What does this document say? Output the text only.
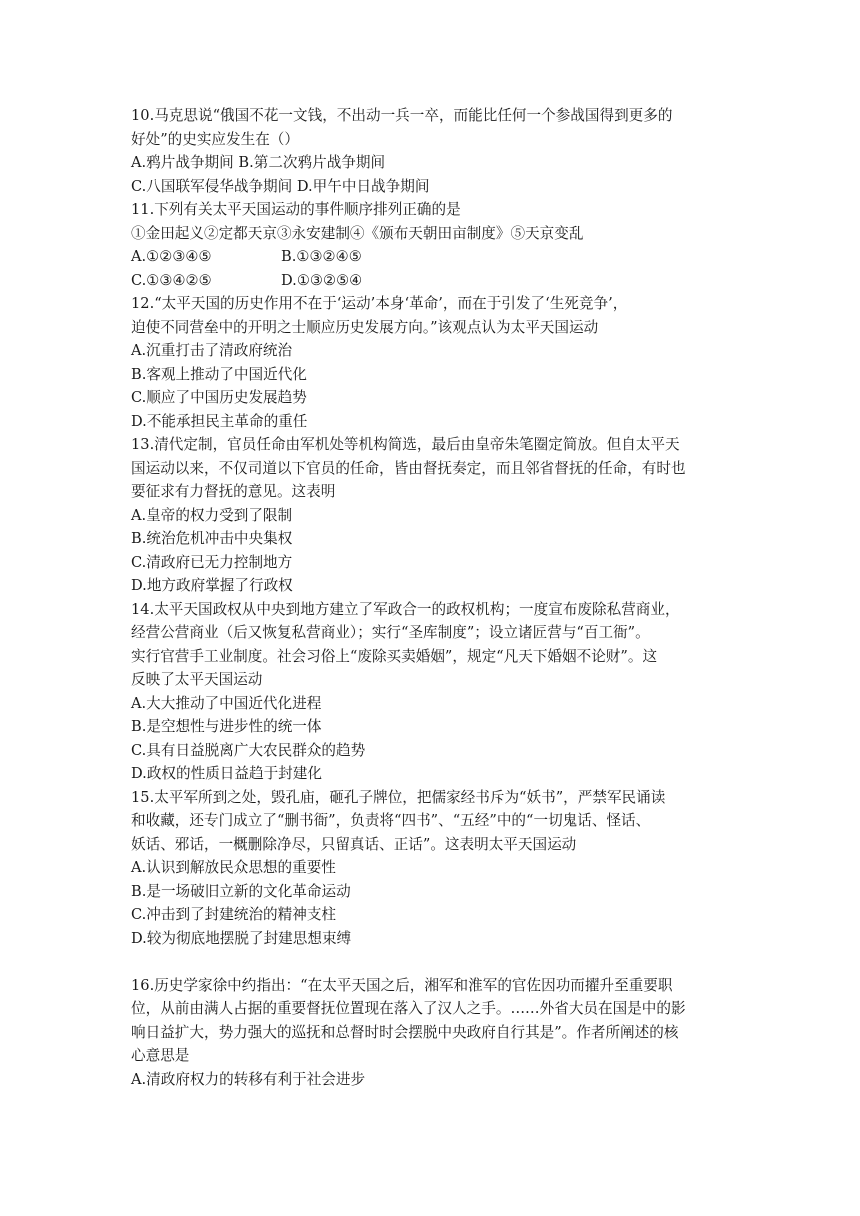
10.马克思说“俄国不花一文钱，不出动一兵一卒，而能比任何一个参战国得到更多的
好处”的史实应发生在（）
A.鸦片战争期间 B.第二次鸦片战争期间
C.八国联军侵华战争期间 D.甲午中日战争期间
11.下列有关太平天国运动的事件顺序排列正确的是
①金田起义②定都天京③永安建制④《颁布天朝田亩制度》⑤天京变乱
A.①②③④⑤	B.①③②④⑤
C.①③④②⑤	D.①③②⑤④
12.“太平天国的历史作用不在于‘运动’本身‘革命’，而在于引发了‘生死竞争’，
迫使不同营垒中的开明之士顺应历史发展方向。”该观点认为太平天国运动
A.沉重打击了清政府统治
B.客观上推动了中国近代化
C.顺应了中国历史发展趋势
D.不能承担民主革命的重任
13.清代定制，官员任命由军机处等机构简选，最后由皇帝朱笔圈定简放。但自太平天
国运动以来，不仅司道以下官员的任命，皆由督抚奏定，而且邻省督抚的任命，有时也
要征求有力督抚的意见。这表明
A.皇帝的权力受到了限制
B.统治危机冲击中央集权
C.清政府已无力控制地方
D.地方政府掌握了行政权
14.太平天国政权从中央到地方建立了军政合一的政权机构；一度宣布废除私营商业，
经营公营商业（后又恢复私营商业）；实行“圣库制度”；设立诸匠营与“百工衙”。
实行官营手工业制度。社会习俗上“废除买卖婚姻”，规定“凡天下婚姻不论财”。这
反映了太平天国运动
A.大大推动了中国近代化进程
B.是空想性与进步性的统一体
C.具有日益脱离广大农民群众的趋势
D.政权的性质日益趋于封建化
15.太平军所到之处，毁孔庙，砸孔子牌位，把儒家经书斥为“妖书”，严禁军民诵读
和收藏，还专门成立了“删书衙”，负责将“四书”、“五经”中的“一切鬼话、怪话、
妖话、邪话，一概删除净尽，只留真话、正话”。这表明太平天国运动
A.认识到解放民众思想的重要性
B.是一场破旧立新的文化革命运动
C.冲击到了封建统治的精神支柱
D.较为彻底地摆脱了封建思想束缚
16.历史学家徐中约指出：“在太平天国之后，湘军和淮军的官佐因功而擢升至重要职
位，从前由满人占据的重要督抚位置现在落入了汉人之手。……外省大员在国是中的影
响日益扩大，势力强大的巡抚和总督时时会摆脱中央政府自行其是”。作者所阐述的核
心意思是
A.清政府权力的转移有利于社会进步
